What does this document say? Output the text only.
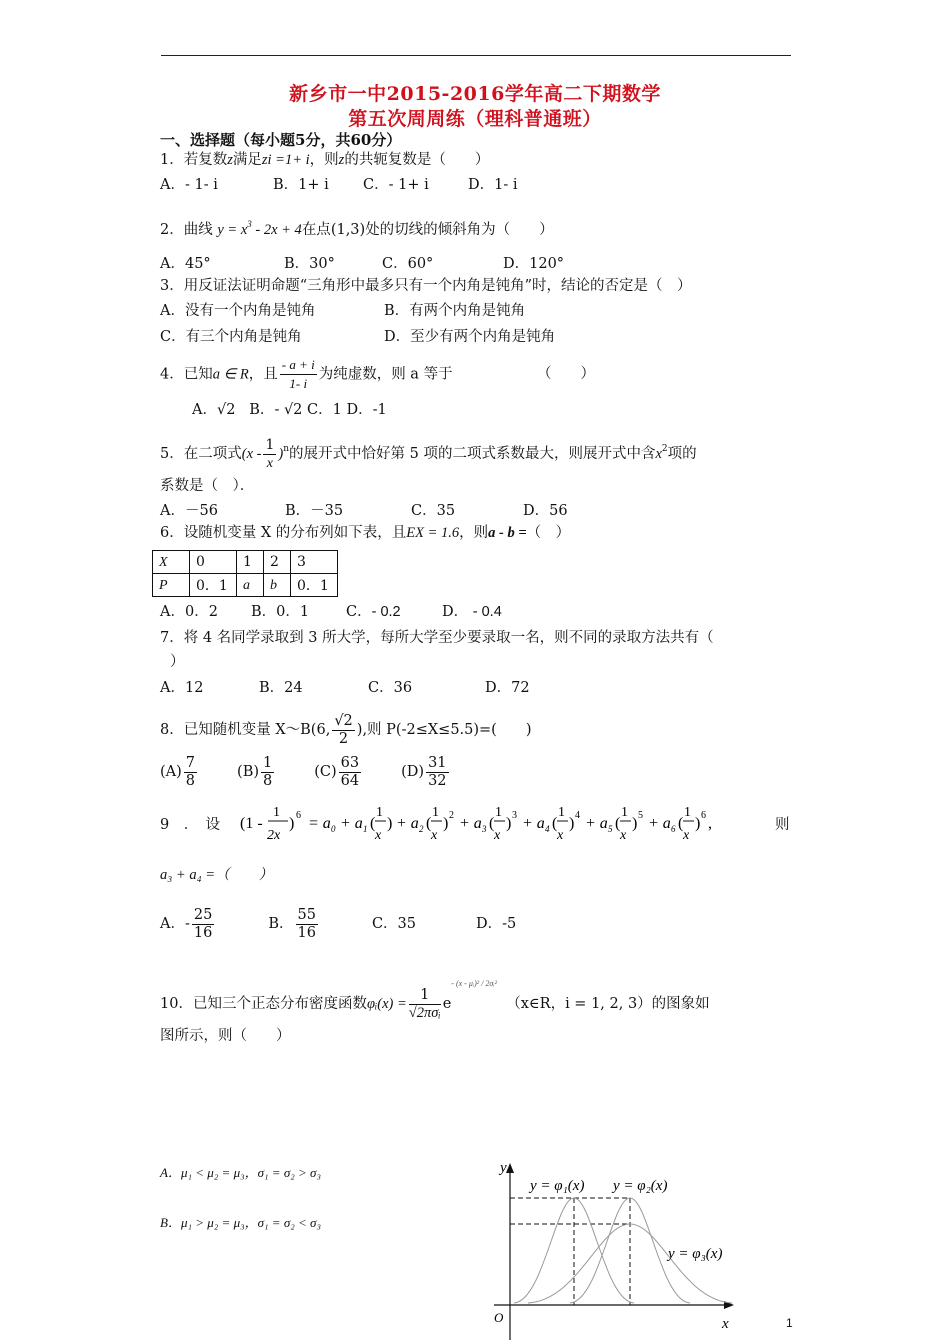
新乡市一中2015-2016学年高二下期数学
第五次周周练（理科普通班）
一、选择题（每小题5分，共60分）
1．若复数z满足zi =1+ i，则z的共轭复数是（　　）
A．- 1- i	B．1+ i C．- 1+ i	D．1- i
2．曲线 $y = x^3 - 2x + 4$在点(1,3)处的切线的倾斜角为（　　）
A．45°	B．30°	C．60°	D．120°
3．用反证法证明命题“三角形中最多只有一个内角是钝角”时，结论的否定是（　）
A．没有一个内角是钝角	B．有两个内角是钝角
C．有三个内角是钝角	D．至少有两个内角是钝角
4．已知a ∈ R，且 $\frac{- a + i}{1- i}$ 为纯虚数，则 a 等于	（　　）
A．√2 B．- √2 C．1 D．-1
5．在二项式$(x - \frac{1}{x} )^n$的展开式中恰好第 5 项的二项式系数最大，则展开式中含$x^2$项的
系数是（　）．
A．－56	B．－35	C．35	D．56
6．设随机变量 X 的分布列如下表，且EX = 1.6，则a - b =（　）
X	0	1	2	3
P	0．1	a	b	0．1
A．0．2 B．0．1	C．- 0.2	D． - 0.4
7．将 4 名同学录取到 3 所大学，每所大学至少要录取一名，则不同的录取方法共有（
）
A．12	B．24	C．36	D．72
8．已知随机变量 X～B(6, $\frac{√2}{2}$ ),则 P(-2≤X≤5.5)=(　　)
$(A) \frac{7}{8}$	$(B) \frac{1}{8}$	$(C) \frac{63}{64}$	$(D) \frac{31}{32}$
9　．　设 (1 -
1
2x
) 6 = a 0 + a 1 (
1
x
) + a 2 (
1
x
) 2 + a 3 (
1
x
) 3 + a 4 (
1
x
) 4 + a 5 (
1
x
) 5 + a 6 (
1
x
) 6 ,	则
a₃ + a₄ =（　　）
A．- $\frac{25}{16}$	B． $\frac{55}{16}$	C．35	D．-5
10．已知三个正态分布密度函数φᵢ(x) = $\frac{1}{\text{√2πσᵢ}} e^{- (x - \mu ᵢ)^2 / 2\sigma ᵢ^2}$  （x∈R，i = 1, 2, 3）的图象如
图所示，则（　　）
A．μ₁ < μ₂ = μ₃，σ₁ = σ₂ > σ₃
B．μ₁ > μ₂ = μ₃，σ₁ = σ₂ < σ₃
y
x
O
y = φ₁(x) y = φ₂(x)
y = φ₃(x)
1
